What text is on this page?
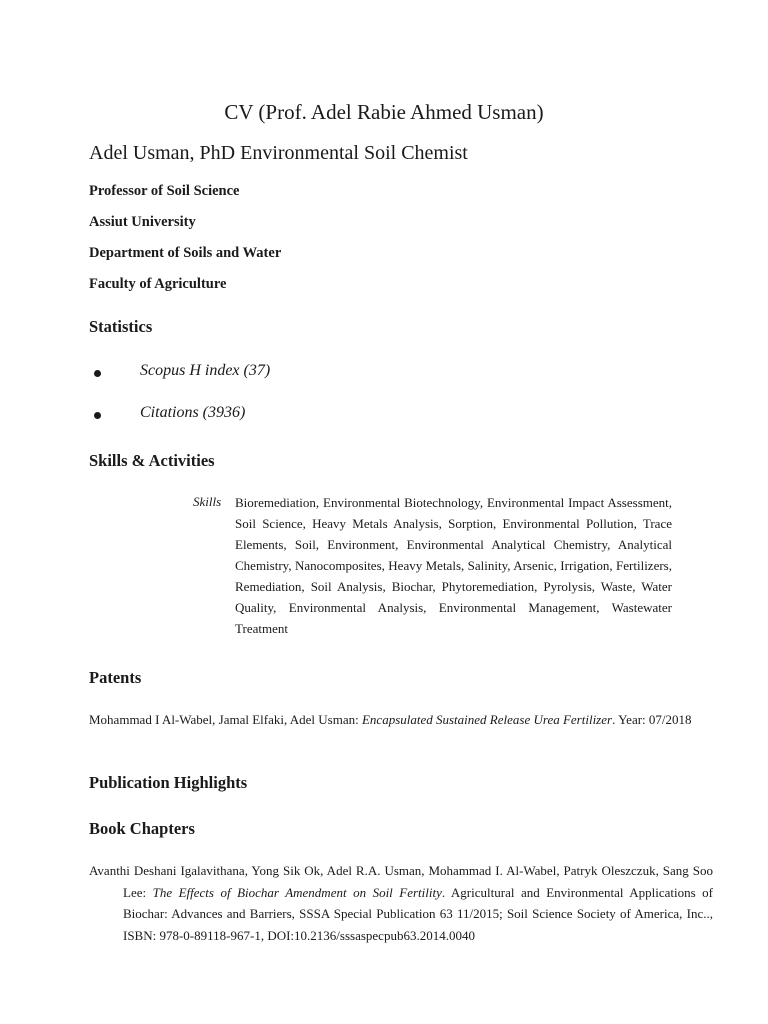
CV (Prof. Adel Rabie Ahmed Usman)
Adel Usman, PhD Environmental Soil Chemist
Professor of Soil Science
Assiut University
Department of Soils and Water
Faculty of Agriculture
Statistics
Scopus H index (37)
Citations (3936)
Skills & Activities
Skills Bioremediation, Environmental Biotechnology, Environmental Impact Assessment, Soil Science, Heavy Metals Analysis, Sorption, Environmental Pollution, Trace Elements, Soil, Environment, Environmental Analytical Chemistry, Analytical Chemistry, Nanocomposites, Heavy Metals, Salinity, Arsenic, Irrigation, Fertilizers, Remediation, Soil Analysis, Biochar, Phytoremediation, Pyrolysis, Waste, Water Quality, Environmental Analysis, Environmental Management, Wastewater Treatment
Patents
Mohammad I Al-Wabel, Jamal Elfaki, Adel Usman: Encapsulated Sustained Release Urea Fertilizer. Year: 07/2018
Publication Highlights
Book Chapters
Avanthi Deshani Igalavithana, Yong Sik Ok, Adel R.A. Usman, Mohammad I. Al-Wabel, Patryk Oleszczuk, Sang Soo Lee: The Effects of Biochar Amendment on Soil Fertility. Agricultural and Environmental Applications of Biochar: Advances and Barriers, SSSA Special Publication 63 11/2015; Soil Science Society of America, Inc.., ISBN: 978-0-89118-967-1, DOI:10.2136/sssaspecpub63.2014.0040
